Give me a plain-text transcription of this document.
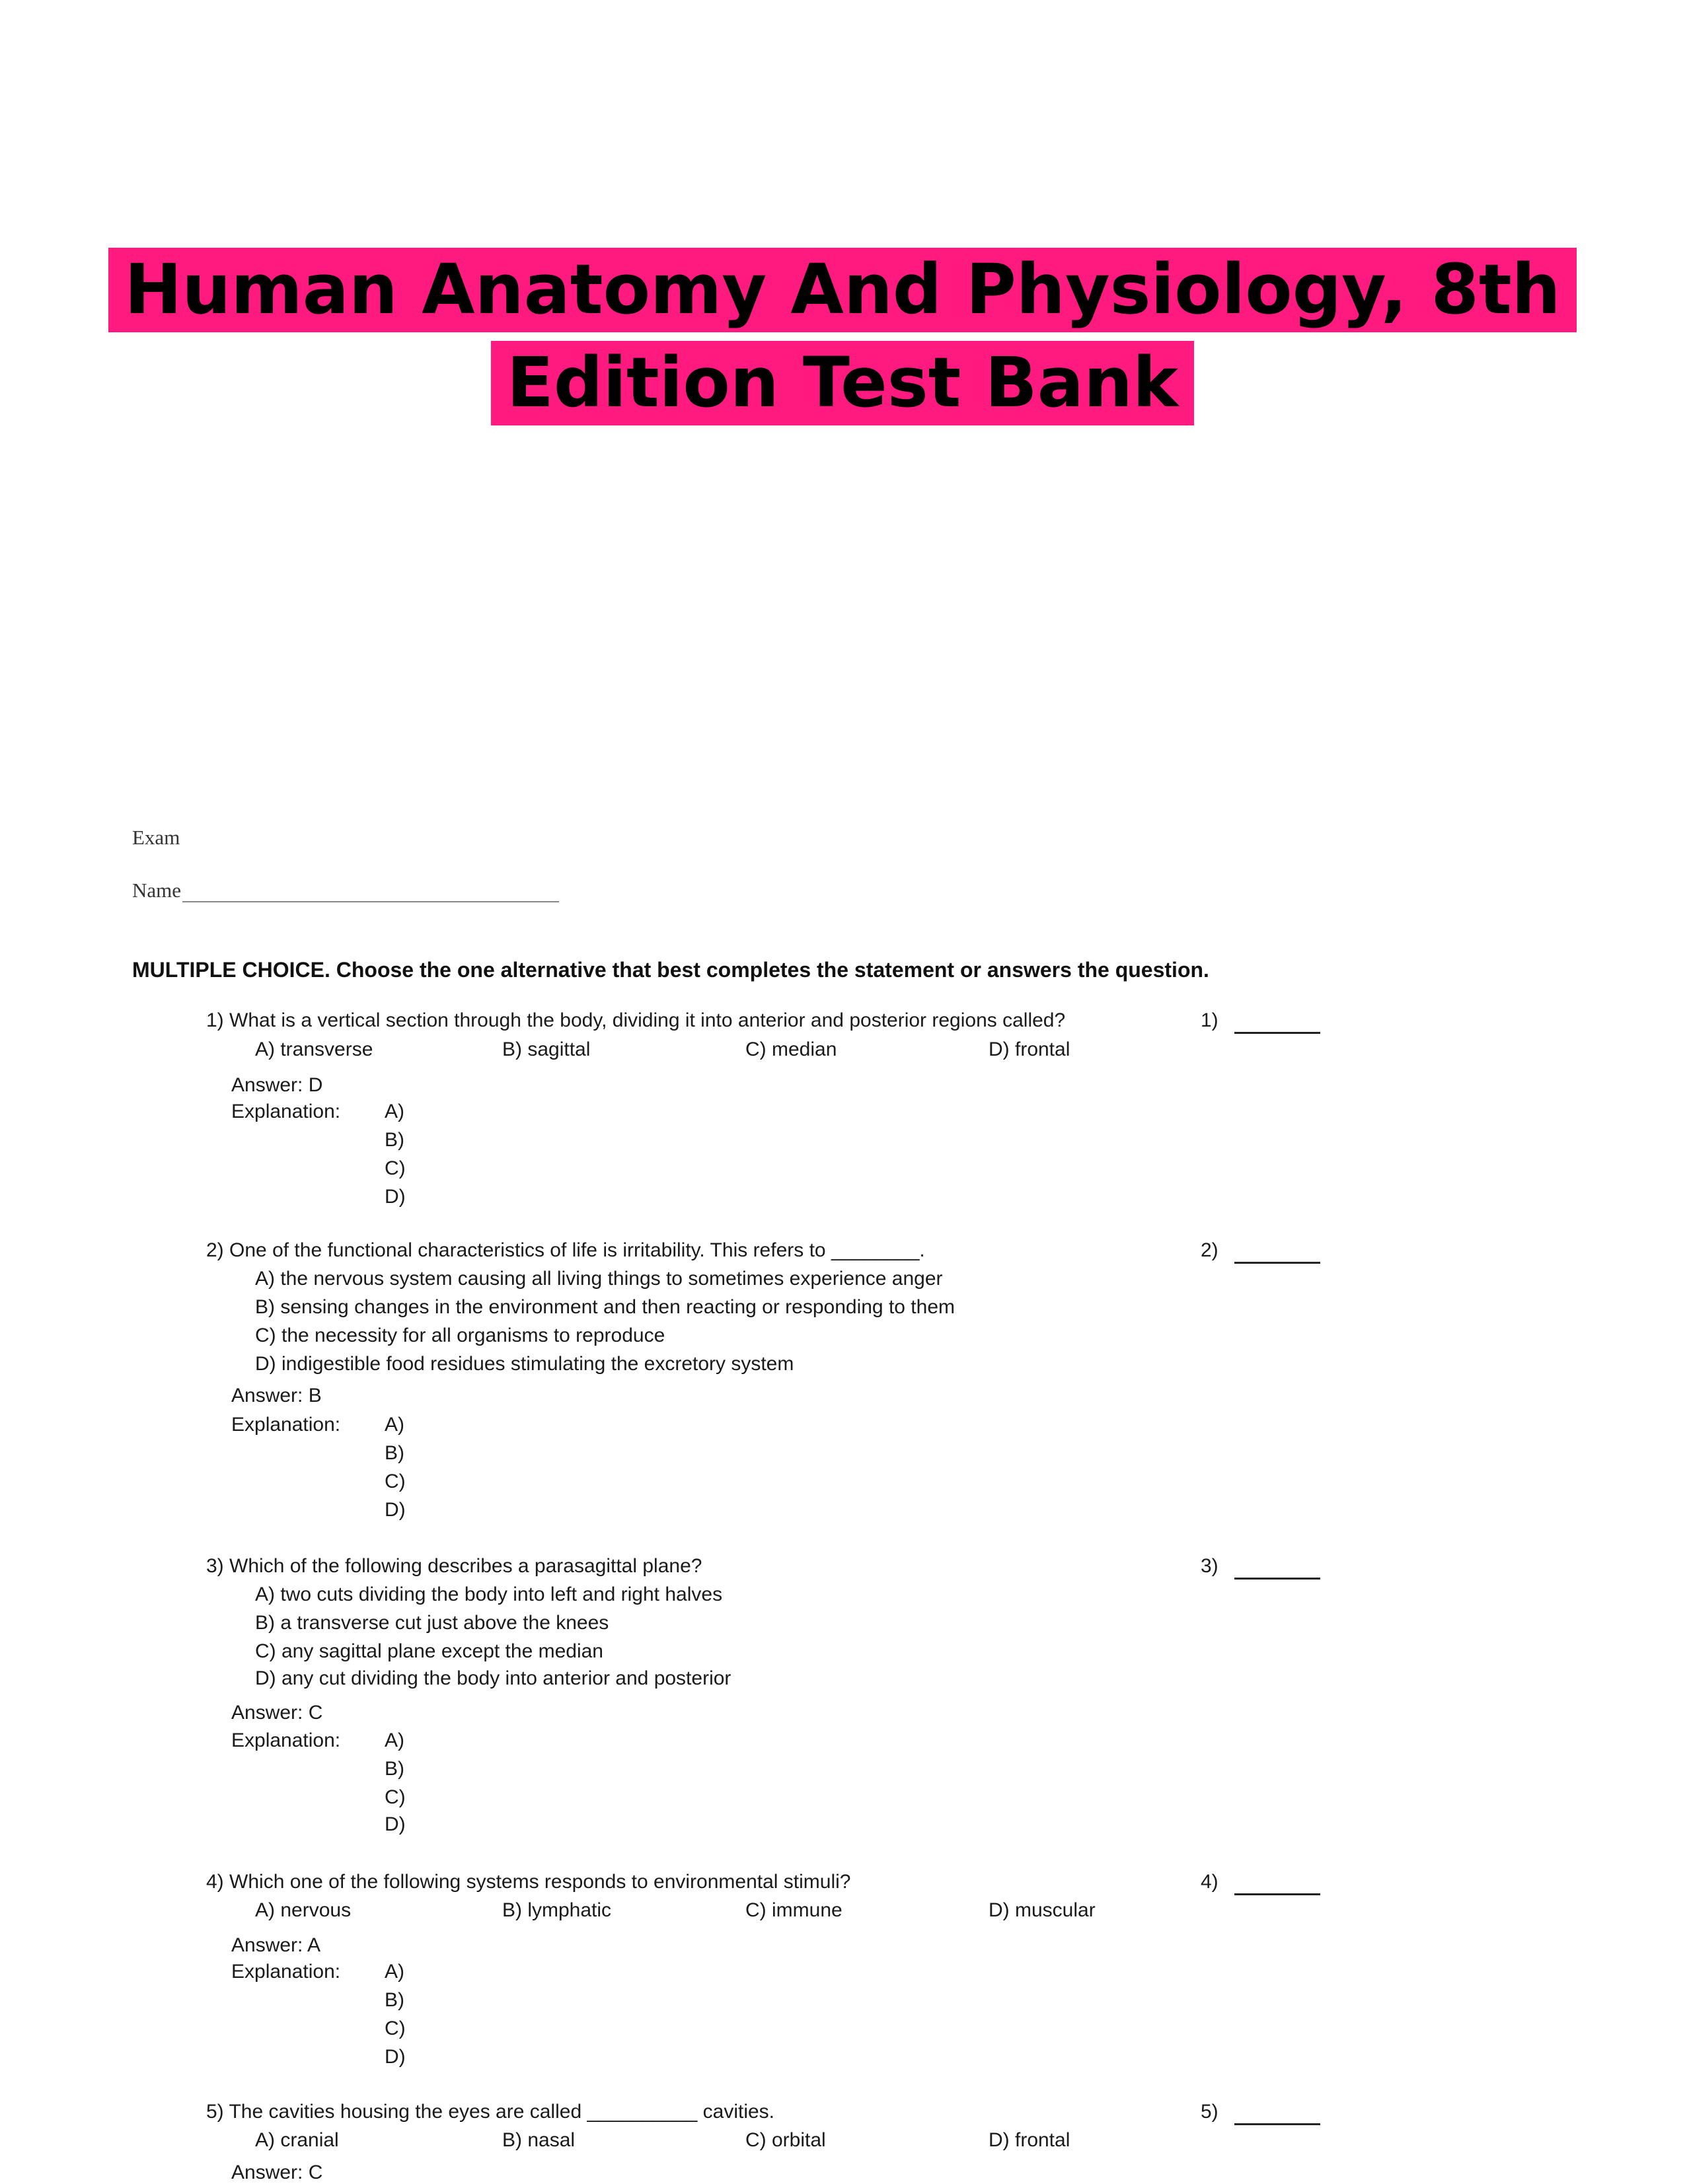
Human Anatomy And Physiology, 8th
Edition Test Bank
Exam
Name
MULTIPLE CHOICE. Choose the one alternative that best completes the statement or answers the question.
1) What is a vertical section through the body, dividing it into anterior and posterior regions called?	1)
A) transverse	B) sagittal	C) median	D) frontal
Answer: D
Explanation: A)
B)
C)
D)
2) One of the functional characteristics of life is irritability. This refers to ________.	2)
A) the nervous system causing all living things to sometimes experience anger
B) sensing changes in the environment and then reacting or responding to them
C) the necessity for all organisms to reproduce
D) indigestible food residues stimulating the excretory system
Answer: B
Explanation: A)
B)
C)
D)
3) Which of the following describes a parasagittal plane?	3)
A) two cuts dividing the body into left and right halves
B) a transverse cut just above the knees
C) any sagittal plane except the median
D) any cut dividing the body into anterior and posterior
Answer: C
Explanation: A)
B)
C)
D)
4) Which one of the following systems responds to environmental stimuli?	4)
A) nervous	B) lymphatic	C) immune	D) muscular
Answer: A
Explanation: A)
B)
C)
D)
5) The cavities housing the eyes are called __________ cavities.	5)
A) cranial	B) nasal	C) orbital	D) frontal
Answer: C
